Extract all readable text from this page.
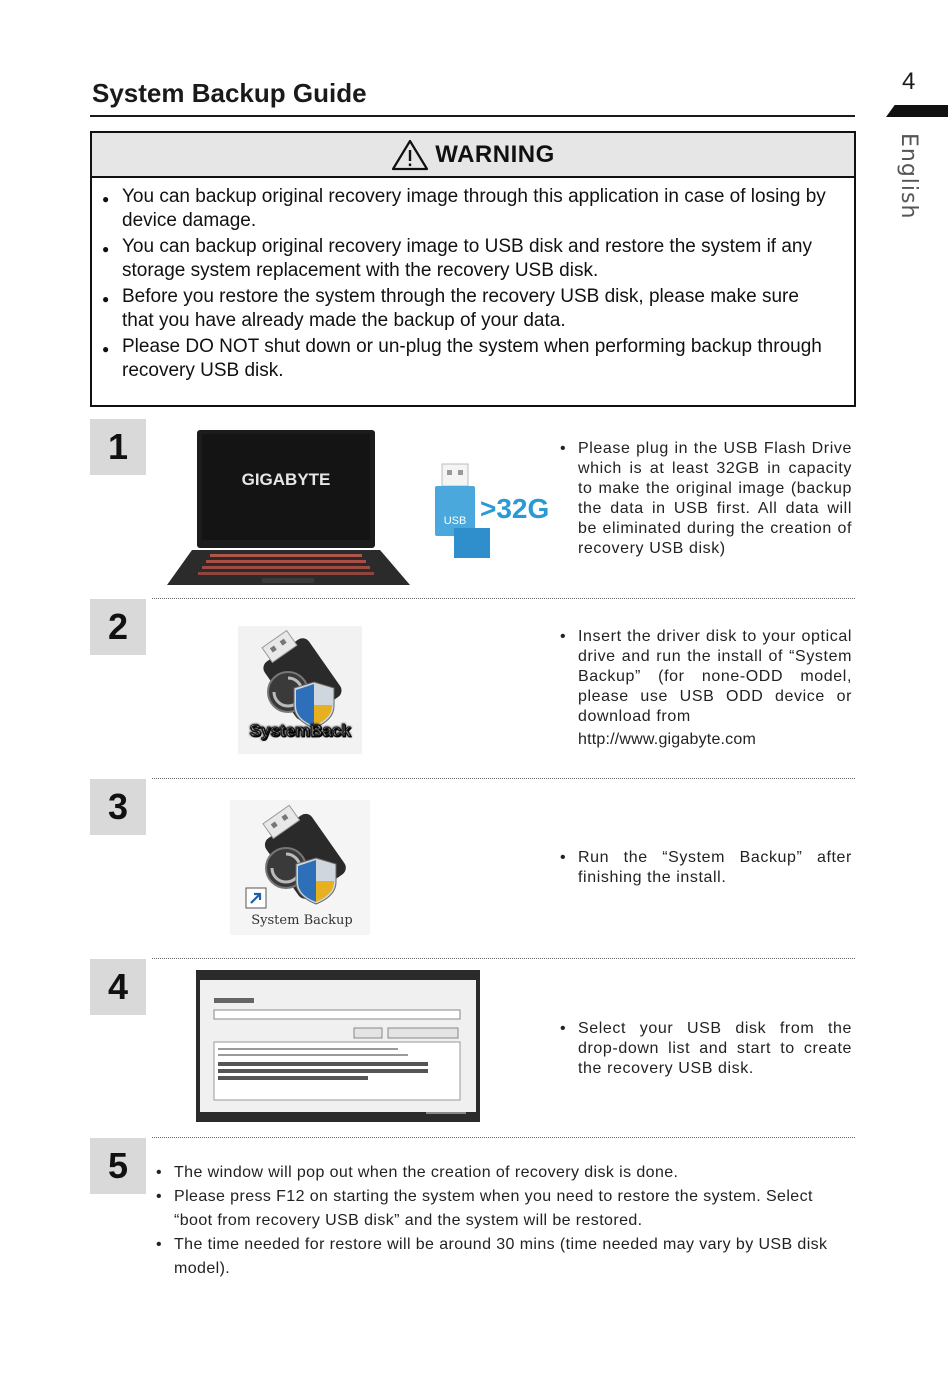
System Backup Guide	4
English
WARNING
● You can backup original recovery image through this application in case of losing by device damage.
● You can backup original recovery image to USB disk and restore the system if any storage system replacement with the recovery USB disk.
● Before you restore the system through the recovery USB disk, please make sure that you have already made the backup of your data.
● Please DO NOT shut down or un-plug the system when performing backup through recovery USB disk.
1
GIGABYTE
USB >32G
• Please plug in the USB Flash Drive which is at least 32GB in capacity to make the original image (backup the data in USB first. All data will be eliminated during the creation of recovery USB disk)
2
SystemBack
• Insert the driver disk to your optical drive and run the install of “System Backup” (for none-ODD model, please use USB ODD device or download from
http://www.gigabyte.com
3
System Backup
• Run the “System Backup” after finishing the install.
4
• Select your USB disk from the drop-down list and start to create the recovery USB disk.
5
•	The window will pop out when the creation of recovery disk is done.
• Please press F12 on starting the system when you need to restore the system. Select “boot from recovery USB disk” and the system will be restored.
• The time needed for restore will be around 30 mins (time needed may vary by USB disk model).
